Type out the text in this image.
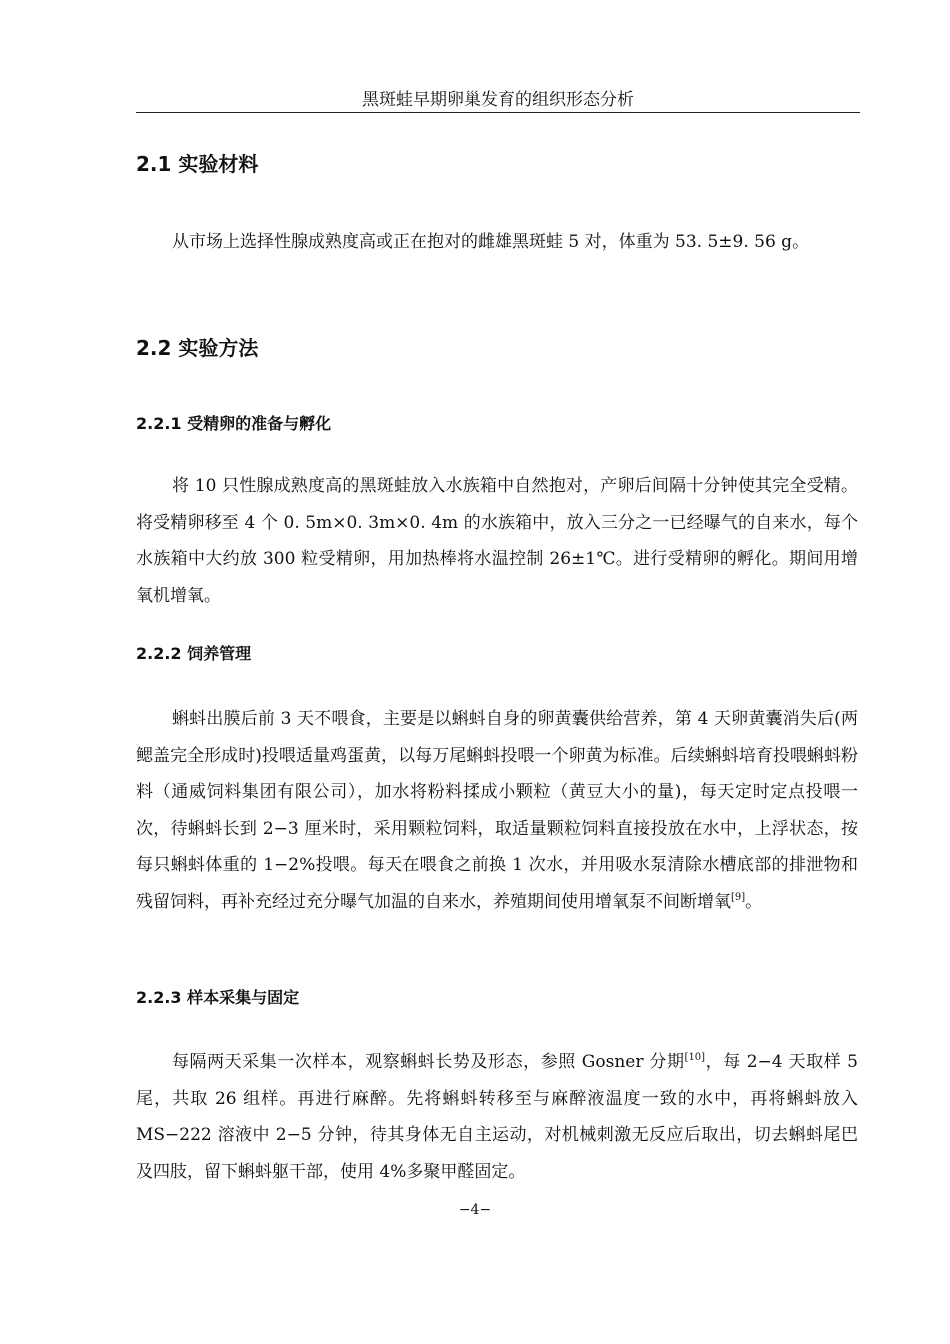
黑斑蛙早期卵巢发育的组织形态分析
2.1 实验材料

从市场上选择性腺成熟度高或正在抱对的雌雄黑斑蛙 5 对，体重为 53. 5±9. 56 g。

2.2 实验方法
2.2.1 受精卵的准备与孵化

将 10 只性腺成熟度高的黑斑蛙放入水族箱中自然抱对，产卵后间隔十分钟使其完全受精。将受精卵移至 4 个 0. 5m×0. 3m×0. 4m 的水族箱中，放入三分之一已经曝气的自来水，每个水族箱中大约放 300 粒受精卵，用加热棒将水温控制 26±1℃。进行受精卵的孵化。期间用增氧机增氧。

2.2.2 饲养管理

蝌蚪出膜后前 3 天不喂食，主要是以蝌蚪自身的卵黄囊供给营养，第 4 天卵黄囊消失后(两鳃盖完全形成时)投喂适量鸡蛋黄，以每万尾蝌蚪投喂一个卵黄为标准。后续蝌蚪培育投喂蝌蚪粉料（通威饲料集团有限公司），加水将粉料揉成小颗粒（黄豆大小的量)，每天定时定点投喂一次，待蝌蚪长到 2−3 厘米时，采用颗粒饲料，取适量颗粒饲料直接投放在水中，上浮状态，按每只蝌蚪体重的 1−2%投喂。每天在喂食之前换 1 次水，并用吸水泵清除水槽底部的排泄物和残留饲料，再补充经过充分曝气加温的自来水，养殖期间使用增氧泵不间断增氧[9]。

2.2.3 样本采集与固定

每隔两天采集一次样本，观察蝌蚪长势及形态，参照 Gosner 分期[10]，每 2−4 天取样 5 尾，共取 26 组样。再进行麻醉。先将蝌蚪转移至与麻醉液温度一致的水中，再将蝌蚪放入 MS−222 溶液中 2−5 分钟，待其身体无自主运动，对机械刺激无反应后取出，切去蝌蚪尾巴及四肢，留下蝌蚪躯干部，使用 4%多聚甲醛固定。

−4−
